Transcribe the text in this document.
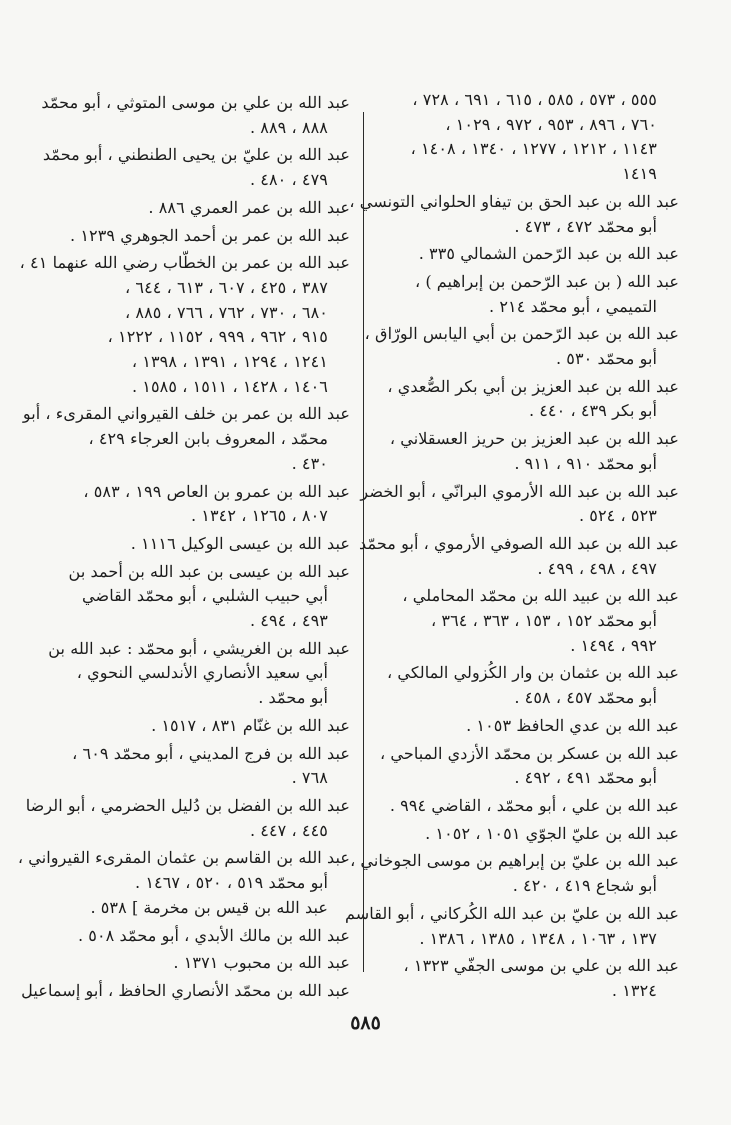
٥٥٥ ، ٥٧٣ ، ٥٨٥ ، ٦١٥ ، ٦٩١ ، ٧٢٨ ،
٧٦٠ ، ٨٩٦ ، ٩٥٣ ، ٩٧٢ ، ١٠٢٩ ،
١١٤٣ ، ١٢١٢ ، ١٢٧٧ ، ١٣٤٠ ، ١٤٠٨ ،
١٤١٩
عبد الله بن عبد الحق بن تيفاو الحلواني التونسي ،
أبو محمّد ٤٧٢ ، ٤٧٣ .
عبد الله بن عبد الرّحمن الشمالي ٣٣٥ .
عبد الله ( بن عبد الرّحمن بن إبراهيم ) ،
التميمي ، أبو محمّد ٢١٤ .
عبد الله بن عبد الرّحمن بن أبي اليابس الورّاق ،
أبو محمّد ٥٣٠ .
عبد الله بن عبد العزيز بن أبي بكر الصُّعدي ،
أبو بكر ٤٣٩ ، ٤٤٠ .
عبد الله بن عبد العزيز بن حريز العسقلاني ،
أبو محمّد ٩١٠ ، ٩١١ .
عبد الله بن عبد الله الأرموي البرانّي ، أبو الخضر
٥٢٣ ، ٥٢٤ .
عبد الله بن عبد الله الصوفي الأرموي ، أبو محمّد
٤٩٧ ، ٤٩٨ ، ٤٩٩ .
عبد الله بن عبيد الله بن محمّد المحاملي ،
أبو محمّد ١٥٢ ، ١٥٣ ، ٣٦٣ ، ٣٦٤ ،
٩٩٢ ، ١٤٩٤ .
عبد الله بن عثمان بن وار الكُزولي المالكي ،
أبو محمّد ٤٥٧ ، ٤٥٨ .
عبد الله بن عدي الحافظ ١٠٥٣ .
عبد الله بن عسكر بن محمّد الأزدي المباحي ،
أبو محمّد ٤٩١ ، ٤٩٢ .
عبد الله بن علي ، أبو محمّد ، القاضي ٩٩٤ .
عبد الله بن عليّ الجوّي ١٠٥١ ، ١٠٥٢ .
عبد الله بن عليّ بن إبراهيم بن موسى الجوخاني ،
أبو شجاع ٤١٩ ، ٤٢٠ .
عبد الله بن عليّ بن عبد الله الكُركاني ، أبو القاسم
١٣٧ ، ١٠٦٣ ، ١٣٤٨ ، ١٣٨٥ ، ١٣٨٦ .
عبد الله بن علي بن موسى الجفّي ١٣٢٣ ،
١٣٢٤ .
عبد الله بن علي بن موسى المتوثي ، أبو محمّد
٨٨٨ ، ٨٨٩ .
عبد الله بن عليّ بن يحيى الطنطني ، أبو محمّد
٤٧٩ ، ٤٨٠ .
عبد الله بن عمر العمري ٨٨٦ .
عبد الله بن عمر بن أحمد الجوهري ١٢٣٩ .
عبد الله بن عمر بن الخطّاب رضي الله عنهما ٤١ ،
٣٨٧ ، ٤٢٥ ، ٦٠٧ ، ٦١٣ ، ٦٤٤ ،
٦٨٠ ، ٧٣٠ ، ٧٦٢ ، ٧٦٦ ، ٨٨٥ ،
٩١٥ ، ٩٦٢ ، ٩٩٩ ، ١١٥٢ ، ١٢٢٢ ،
١٢٤١ ، ١٢٩٤ ، ١٣٩١ ، ١٣٩٨ ،
١٤٠٦ ، ١٤٢٨ ، ١٥١١ ، ١٥٨٥ .
عبد الله بن عمر بن خلف القيرواني المقرىء ، أبو
محمّد ، المعروف بابن العرجاء ٤٢٩ ،
٤٣٠ .
عبد الله بن عمرو بن العاص ١٩٩ ، ٥٨٣ ،
٨٠٧ ، ١٢٦٥ ، ١٣٤٢ .
عبد الله بن عيسى الوكيل ١١١٦ .
عبد الله بن عيسى بن عبد الله بن أحمد بن
أبي حبيب الشلبي ، أبو محمّد القاضي
٤٩٣ ، ٤٩٤ .
عبد الله بن الغريشي ، أبو محمّد : عبد الله بن
أبي سعيد الأنصاري الأندلسي النحوي ،
أبو محمّد .
عبد الله بن غنّام ٨٣١ ، ١٥١٧ .
عبد الله بن فرج المديني ، أبو محمّد ٦٠٩ ،
٧٦٨ .
عبد الله بن الفضل بن دُليل الحضرمي ، أبو الرضا
٤٤٥ ، ٤٤٧ .
عبد الله بن القاسم بن عثمان المقرىء القيرواني ،
أبو محمّد ٥١٩ ، ٥٢٠ ، ١٤٦٧ .
عبد الله بن قيس بن مخرمة ] ٥٣٨ .
عبد الله بن مالك الأبدي ، أبو محمّد ٥٠٨ .
عبد الله بن محبوب ١٣٧١ .
عبد الله بن محمّد الأنصاري الحافظ ، أبو إسماعيل
٥٨٥
